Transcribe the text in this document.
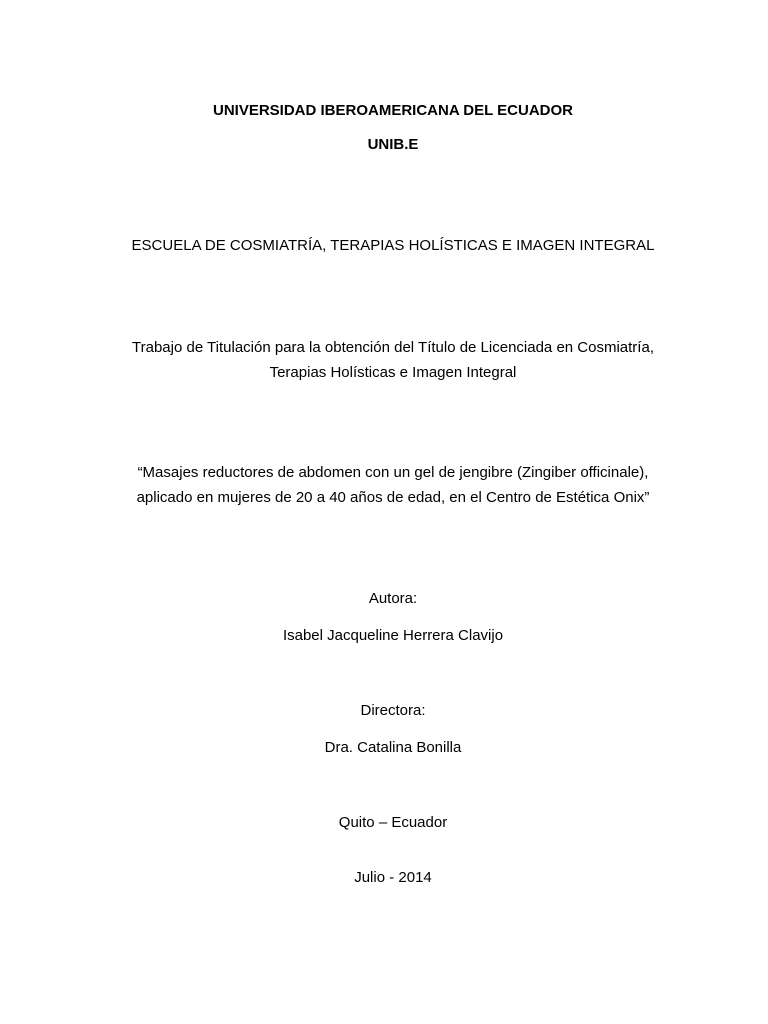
UNIVERSIDAD IBEROAMERICANA DEL ECUADOR
UNIB.E
ESCUELA DE COSMIATRÍA, TERAPIAS HOLÍSTICAS E IMAGEN INTEGRAL
Trabajo de Titulación para la obtención del Título de Licenciada en Cosmiatría,
Terapias Holísticas e Imagen Integral
“Masajes reductores de abdomen con un gel de jengibre (Zingiber officinale),
aplicado en mujeres de 20 a 40 años de edad, en el Centro de Estética Onix”
Autora:
Isabel Jacqueline Herrera Clavijo
Directora:
Dra. Catalina Bonilla
Quito – Ecuador
Julio - 2014
